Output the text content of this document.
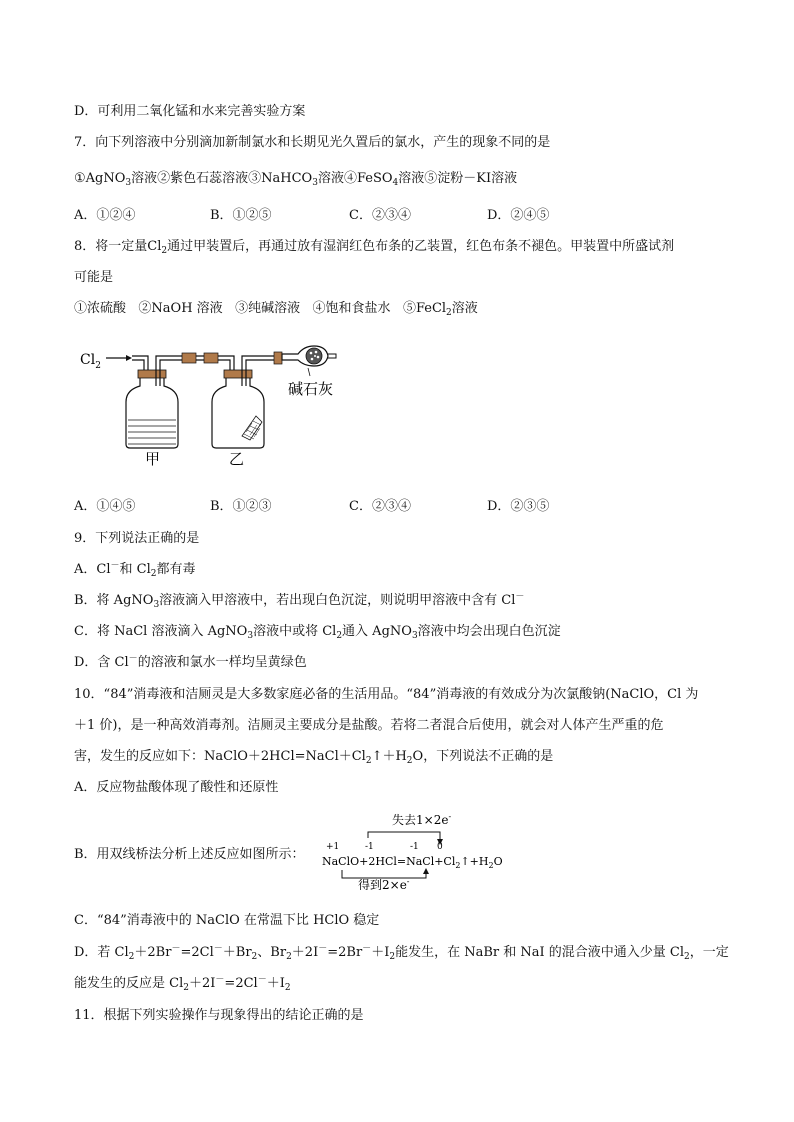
D．可利用二氧化锰和水来完善实验方案
7．向下列溶液中分别滴加新制氯水和长期见光久置后的氯水，产生的现象不同的是
①AgNO$_3$溶液②紫色石蕊溶液③NaHCO$_3$溶液④FeSO$_4$溶液⑤淀粉－KI溶液
A．①②④	B．①②⑤	C．②③④	D．②④⑤
8．将一定量$Cl_2$通过甲装置后，再通过放有湿润红色布条的乙装置，红色布条不褪色。甲装置中所盛试剂
可能是
①浓硫酸 ②NaOH 溶液 ③纯碱溶液 ④饱和食盐水 ⑤FeCl$_2$溶液
$Cl_2$
碱石灰
甲	乙
A．①④⑤	B．①②③	C．②③④	D．②③⑤
9．下列说法正确的是
A．Cl－和 $Cl_2$都有毒
B．将 AgNO$_3$溶液滴入甲溶液中，若出现白色沉淀，则说明甲溶液中含有 Cl－
C．将 NaCl 溶液滴入 AgNO$_3$溶液中或将 $Cl_2$通入 AgNO$_3$溶液中均会出现白色沉淀
D．含 Cl－的溶液和氯水一样均呈黄绿色
10．“84”消毒液和洁厕灵是大多数家庭必备的生活用品。“84”消毒液的有效成分为次氯酸钠(NaClO，Cl 为
＋1 价)，是一种高效消毒剂。洁厕灵主要成分是盐酸。若将二者混合后使用，就会对人体产生严重的危
害，发生的反应如下：$NaClO+2HCl=NaCl+Cl_2↑+H_2O$，下列说法不正确的是
A．反应物盐酸体现了酸性和还原性
B．用双线桥法分析上述反应如图所示：
失去1×2e-
+1	-1	-1 0
$NaClO+2HCl=NaCl+Cl_2↑+H_2O$
得到2×e-
C．“84”消毒液中的 NaClO 在常温下比 HClO 稳定
D．若 $Cl_2+2Br^-=2Cl^-+Br_2$、$Br_2+2I^-=2Br^-+I_2$能发生，在 NaBr 和 NaI 的混合液中通入少量 $Cl_2$，一定
能发生的反应是 $Cl_2+2I^-=2Cl^-+I_2$
11．根据下列实验操作与现象得出的结论正确的是
